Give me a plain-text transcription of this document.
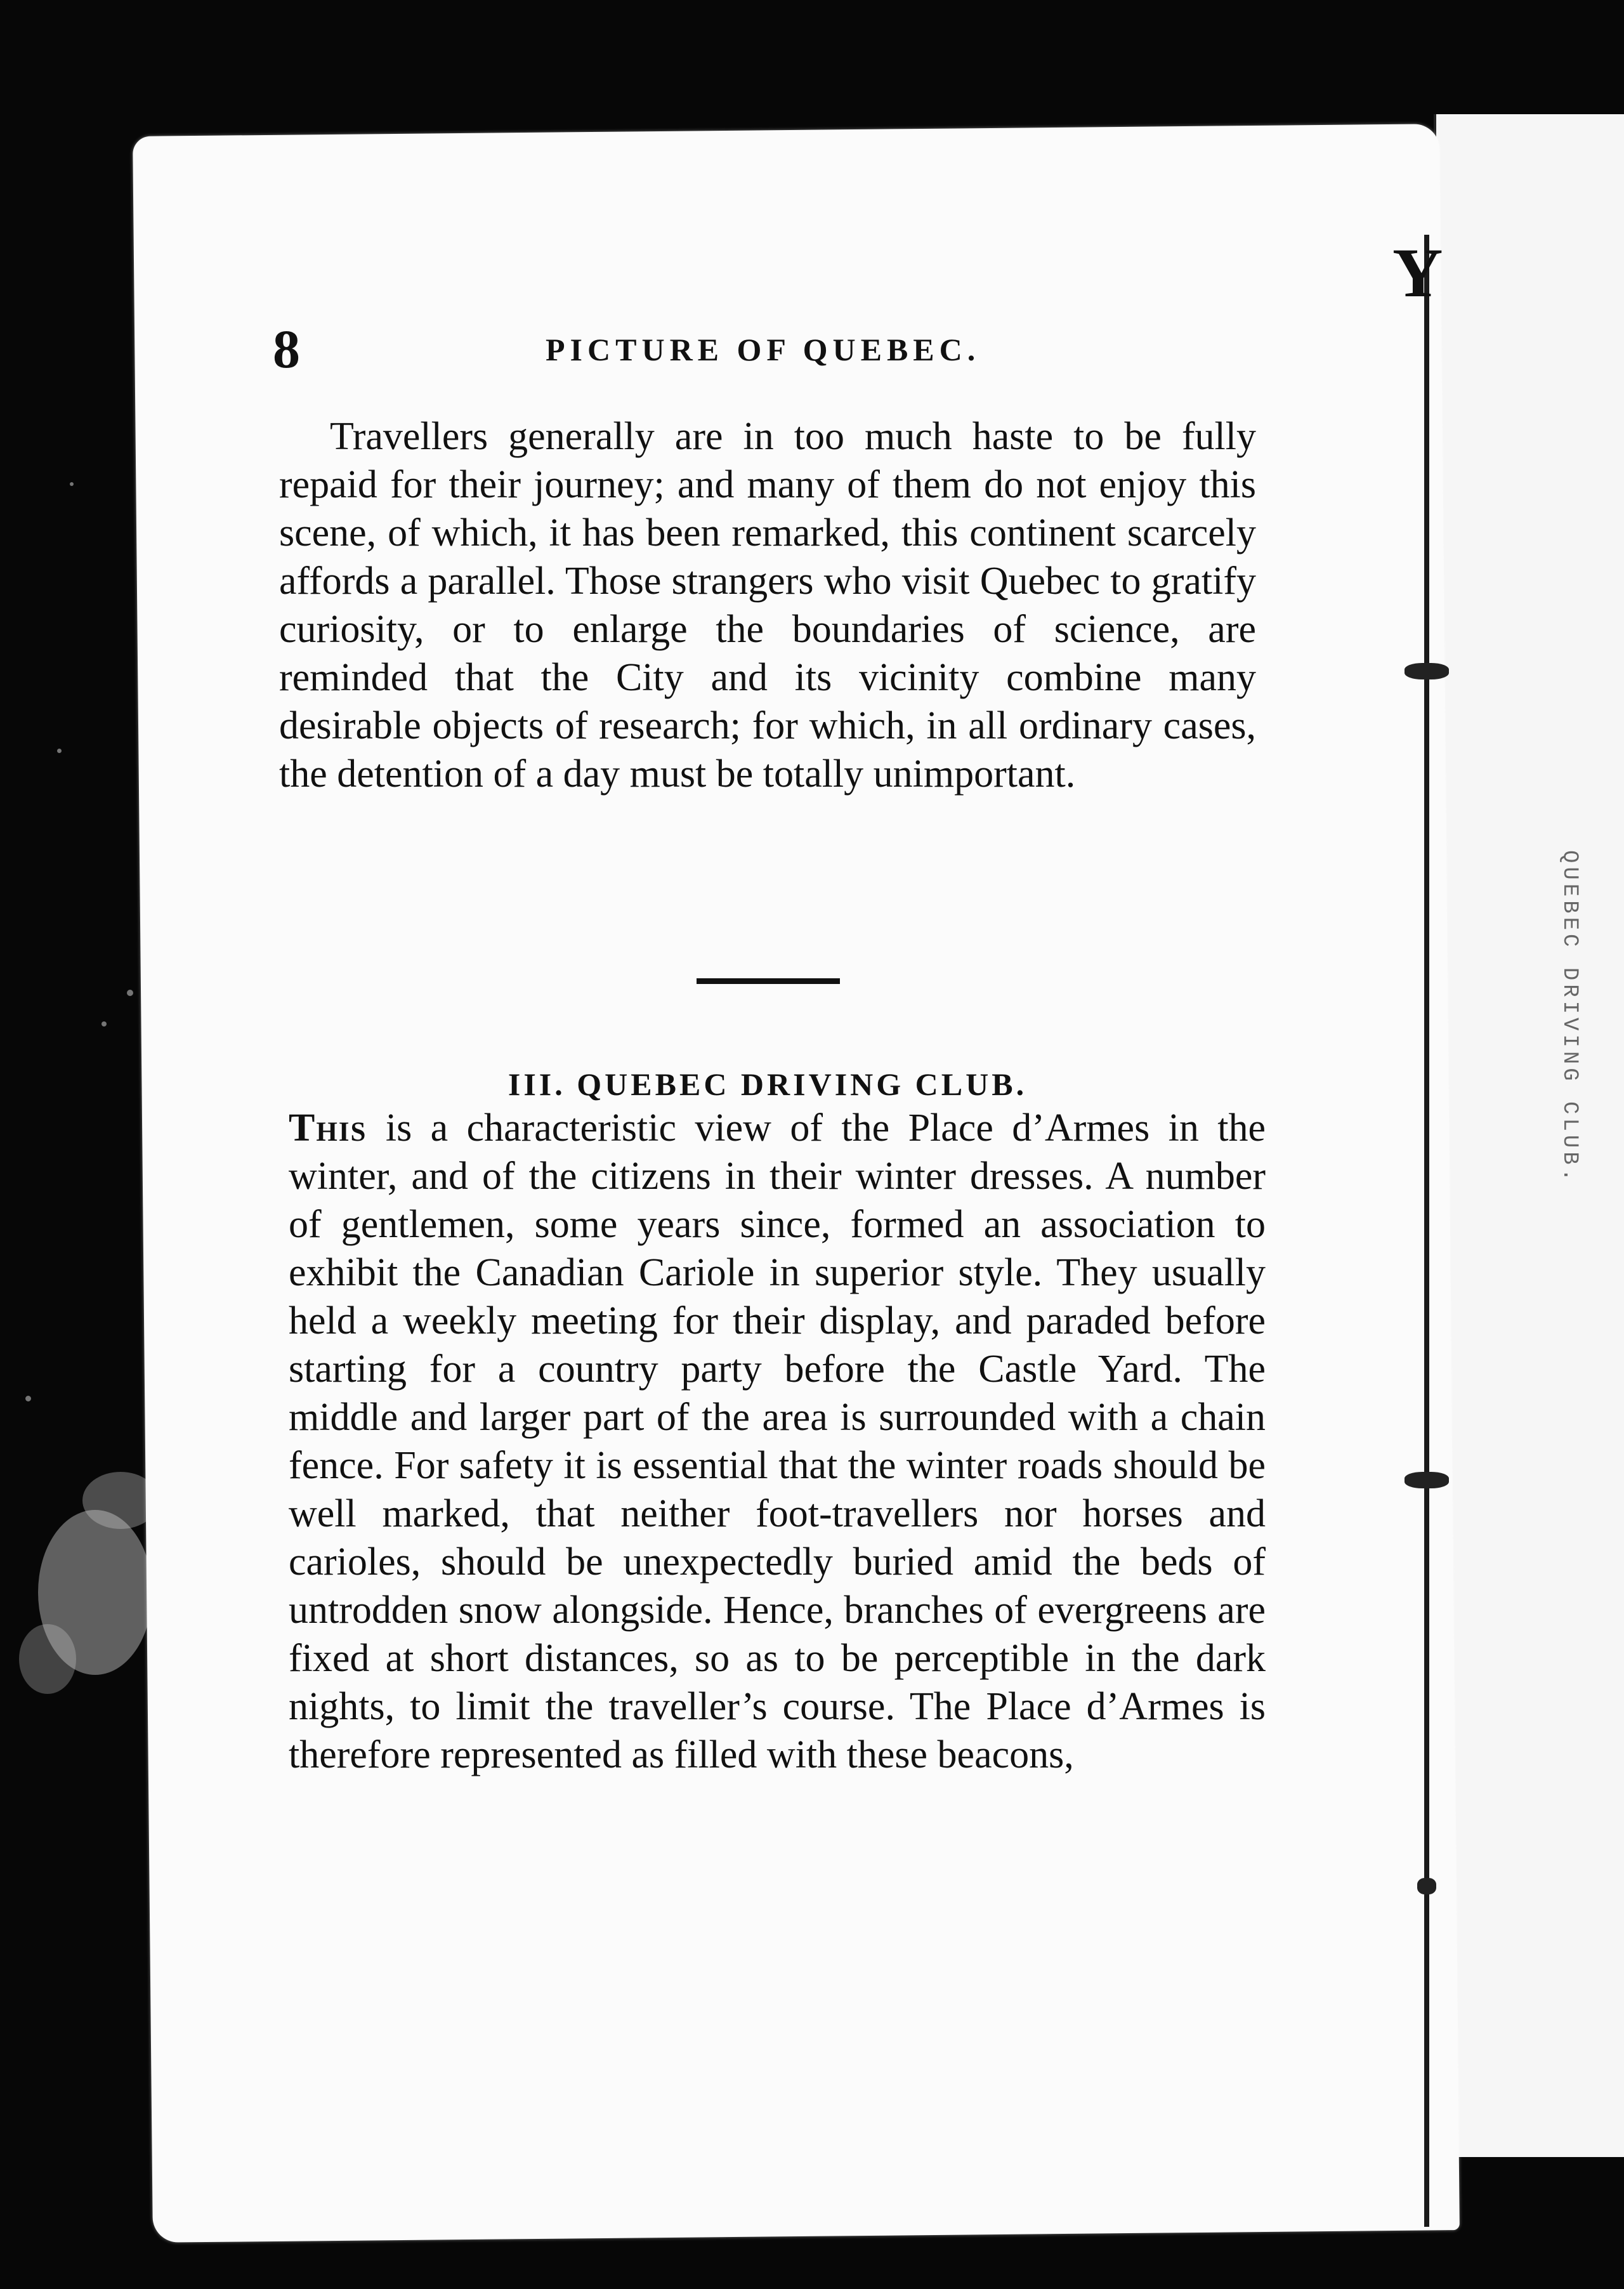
QUEBEC DRIVING CLUB.
Y
8	PICTURE OF QUEBEC.

Travellers generally are in too much haste to be fully repaid for their journey; and many of them do not enjoy this scene, of which, it has been remarked, this continent scarcely affords a parallel. Those strangers who visit Quebec to gratify curiosity, or to enlarge the boundaries of science, are reminded that the City and its vicinity combine many desirable objects of research; for which, in all ordinary cases, the detention of a day must be totally unimportant.

III. QUEBEC DRIVING CLUB.

This is a characteristic view of the Place d’Armes in the winter, and of the citizens in their winter dresses. A number of gentlemen, some years since, formed an association to exhibit the Canadian Cariole in superior style. They usually held a weekly meeting for their display, and paraded before starting for a country party before the Castle Yard. The middle and larger part of the area is surrounded with a chain fence. For safety it is essential that the winter roads should be well marked, that neither foot-travellers nor horses and carioles, should be unexpectedly buried amid the beds of untrodden snow alongside. Hence, branches of evergreens are fixed at short distances, so as to be perceptible in the dark nights, to limit the traveller’s course. The Place d’Armes is therefore represented as filled with these beacons,
